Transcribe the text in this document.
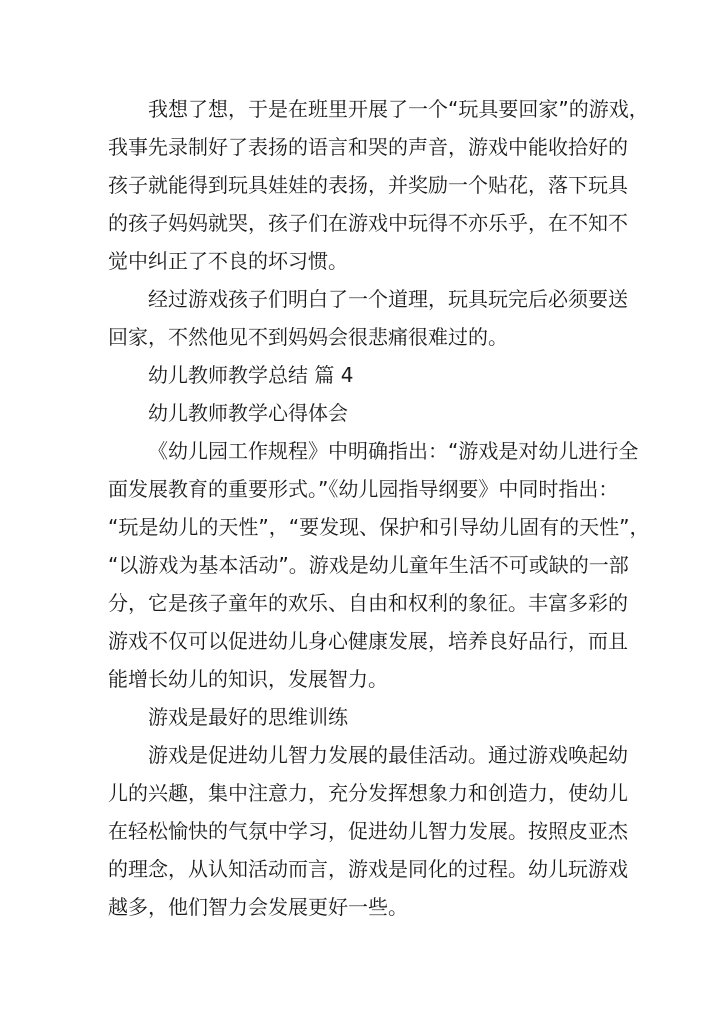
我想了想，于是在班里开展了一个“玩具要回家”的游戏，
我事先录制好了表扬的语言和哭的声音，游戏中能收拾好的
孩子就能得到玩具娃娃的表扬，并奖励一个贴花，落下玩具
的孩子妈妈就哭，孩子们在游戏中玩得不亦乐乎，在不知不
觉中纠正了不良的坏习惯。
经过游戏孩子们明白了一个道理，玩具玩完后必须要送
回家，不然他见不到妈妈会很悲痛很难过的。
幼儿教师教学总结 篇 4
幼儿教师教学心得体会
《幼儿园工作规程》中明确指出：“游戏是对幼儿进行全
面发展教育的重要形式。”《幼儿园指导纲要》中同时指出：
“玩是幼儿的天性”，“要发现、保护和引导幼儿固有的天性”，
“以游戏为基本活动”。游戏是幼儿童年生活不可或缺的一部
分，它是孩子童年的欢乐、自由和权利的象征。丰富多彩的
游戏不仅可以促进幼儿身心健康发展，培养良好品行，而且
能增长幼儿的知识，发展智力。
游戏是最好的思维训练
游戏是促进幼儿智力发展的最佳活动。通过游戏唤起幼
儿的兴趣，集中注意力，充分发挥想象力和创造力，使幼儿
在轻松愉快的气氛中学习，促进幼儿智力发展。按照皮亚杰
的理念，从认知活动而言，游戏是同化的过程。幼儿玩游戏
越多，他们智力会发展更好一些。
